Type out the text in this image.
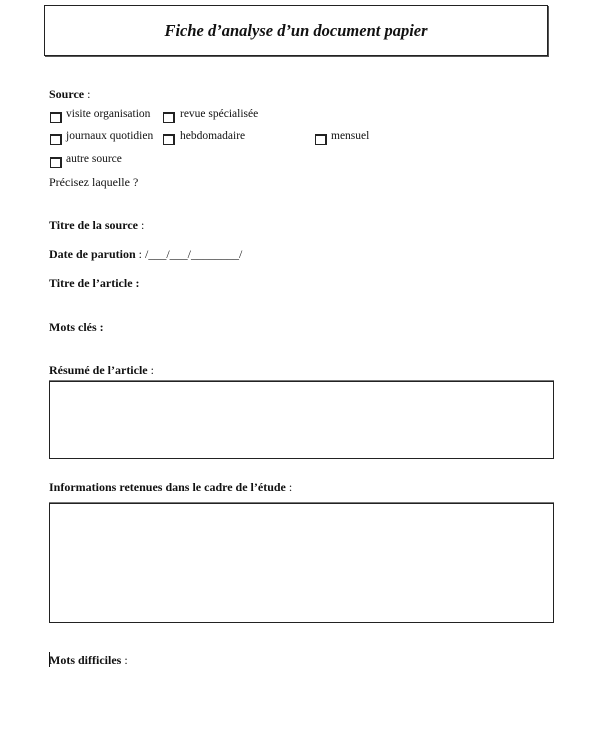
Fiche d’analyse d’un document papier
Source :
visite organisation	revue spécialisée
journaux quotidien hebdomadaire	mensuel
autre source
Précisez laquelle ?
Titre de la source :
Date de parution : /___/___/________/
Titre de l’article :
Mots clés :
Résumé de l’article :
Informations retenues dans le cadre de l’étude :
Mots difficiles :
